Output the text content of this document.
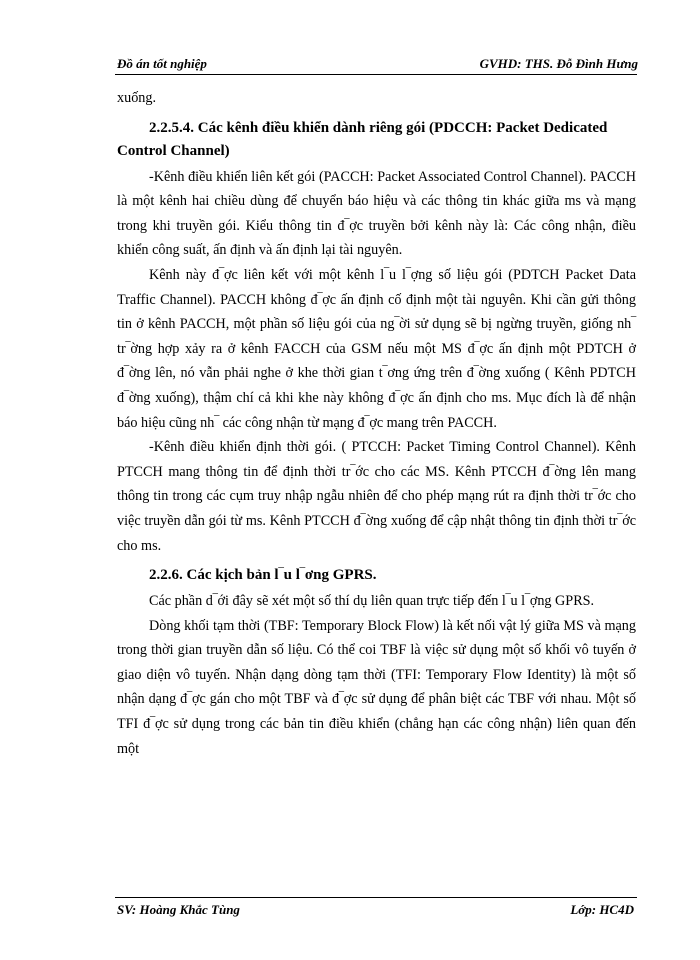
Đồ án tốt nghiệp	GVHD: THS. Đỗ Đình Hưng

xuống.

2.2.5.4. Các kênh điều khiển dành riêng gói (PDCCH: Packet Dedicated Control Channel)

-Kênh điều khiển liên kết gói (PACCH: Packet Associated Control Channel). PACCH là một kênh hai chiều dùng để chuyển báo hiệu và các thông tin khác giữa ms và mạng trong khi truyền gói. Kiểu thông tin đ‾ợc truyền bởi kênh này là: Các công nhận, điều khiển công suất, ấn định và ấn định lại tài nguyên.

Kênh này đ‾ợc liên kết với một kênh l‾u l‾ợng số liệu gói (PDTCH Packet Data Traffic Channel). PACCH không đ‾ợc ấn định cố định một tài nguyên. Khi cần gửi thông tin ở kênh PACCH, một phần số liệu gói của ng‾ời sử dụng sẽ bị ngừng truyền, giống nh‾ tr‾ờng hợp xảy ra ở kênh FACCH của GSM nếu một MS đ‾ợc ấn định một PDTCH ở đ‾ờng lên, nó vẫn phải nghe ở khe thời gian t‾ơng ứng trên đ‾ờng xuống ( Kênh PDTCH đ‾ờng xuống), thậm chí cả khi khe này không đ‾ợc ấn định cho ms. Mục đích là để nhận báo hiệu cũng nh‾ các công nhận từ mạng đ‾ợc mang trên PACCH.

-Kênh điều khiển định thời gói. ( PTCCH: Packet Timing Control Channel). Kênh PTCCH mang thông tin để định thời tr‾ớc cho các MS. Kênh PTCCH đ‾ờng lên mang thông tin trong các cụm truy nhập ngẫu nhiên để cho phép mạng rút ra định thời tr‾ớc cho việc truyền dẫn gói từ ms. Kênh PTCCH đ‾ờng xuống để cập nhật thông tin định thời tr‾ớc cho ms.

2.2.6. Các kịch bản l‾u l‾ơng GPRS.

Các phần d‾ới đây sẽ xét một số thí dụ liên quan trực tiếp đến l‾u l‾ợng GPRS.

Dòng khối tạm thời (TBF: Temporary Block Flow) là kết nối vật lý giữa MS và mạng trong thời gian truyền dẫn số liệu. Có thể coi TBF là việc sử dụng một số khối vô tuyến ở giao diện vô tuyến. Nhận dạng dòng tạm thời (TFI: Temporary Flow Identity) là một số nhận dạng đ‾ợc gán cho một TBF và đ‾ợc sử dụng để phân biệt các TBF với nhau. Một số TFI đ‾ợc sử dụng trong các bản tin điều khiển (chẳng hạn các công nhận) liên quan đến một

SV: Hoàng Khắc Tùng	Lớp: HC4D
